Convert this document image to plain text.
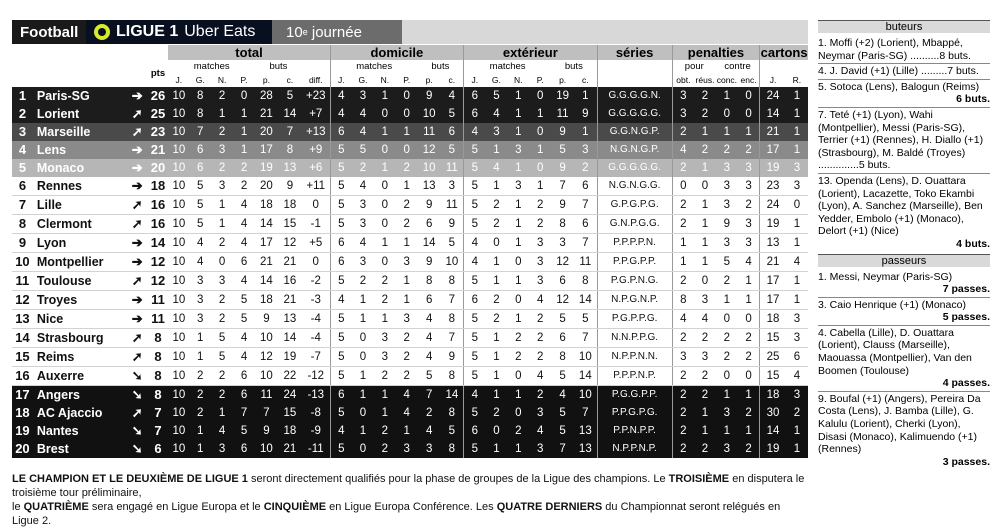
Football	LIGUE 1 Uber Eats 10 e
journée
				total							domicile						extérieur						séries	penalties				cartons	
			pts	matches				buts			matches				buts		matches				buts			pour		contre			
				J.	G.	N.	P.	p.	c.	diff.	J.	G.	N.	P.	p.	c.	J.	G.	N.	P.	p.	c.		obt.	réus.	conc.	enc.	J.	R.
1	Paris-SG	➔	26	10	8	2	0	28	5	+23	4	3	1	0	9	4	6	5	1	0	19	1	G.G.G.G.N.	3	2	1	0	24	1
2	Lorient	➚	25	10	8	1	1	21	14	+7	4	4	0	0	10	5	6	4	1	1	11	9	G.G.G.G.G.	3	2	0	0	14	1
3	Marseille	➚	23	10	7	2	1	20	7	+13	6	4	1	1	11	6	4	3	1	0	9	1	G.G.N.G.P.	2	1	1	1	21	1
4	Lens	➔	21	10	6	3	1	17	8	+9	5	5	0	0	12	5	5	1	3	1	5	3	N.G.N.G.P.	4	2	2	2	17	1
5	Monaco	➔	20	10	6	2	2	19	13	+6	5	2	1	2	10	11	5	4	1	0	9	2	G.G.G.G.G.	2	1	3	3	19	3
6	Rennes	➔	18	10	5	3	2	20	9	+11	5	4	0	1	13	3	5	1	3	1	7	6	N.G.N.G.G.	0	0	3	3	23	3
7	Lille	➚	16	10	5	1	4	18	18	0	5	3	0	2	9	11	5	2	1	2	9	7	G.P.G.P.G.	2	1	3	2	24	0
8	Clermont	➚	16	10	5	1	4	14	15	-1	5	3	0	2	6	9	5	2	1	2	8	6	G.N.P.G.G.	2	1	9	3	19	1
9	Lyon	➔	14	10	4	2	4	17	12	+5	6	4	1	1	14	5	4	0	1	3	3	7	P.P.P.P.N.	1	1	3	3	13	1
10	Montpellier	➔	12	10	4	0	6	21	21	0	6	3	0	3	9	10	4	1	0	3	12	11	P.P.G.P.P.	1	1	5	4	21	4
11	Toulouse	➚	12	10	3	3	4	14	16	-2	5	2	2	1	8	8	5	1	1	3	6	8	P.G.P.N.G.	2	0	2	1	17	1
12	Troyes	➔	11	10	3	2	5	18	21	-3	4	1	2	1	6	7	6	2	0	4	12	14	N.P.G.N.P.	8	3	1	1	17	1
13	Nice	➔	11	10	3	2	5	9	13	-4	5	1	1	3	4	8	5	2	1	2	5	5	P.G.P.P.G.	4	4	0	0	18	3
14	Strasbourg	➚	8	10	1	5	4	10	14	-4	5	0	3	2	4	7	5	1	2	2	6	7	N.N.P.P.G.	2	2	2	2	15	3
15	Reims	➚	8	10	1	5	4	12	19	-7	5	0	3	2	4	9	5	1	2	2	8	10	N.P.P.N.N.	3	3	2	2	25	6
16	Auxerre	➘	8	10	2	2	6	10	22	-12	5	1	2	2	5	8	5	1	0	4	5	14	P.P.P.N.P.	2	2	0	0	15	4
17	Angers	➘	8	10	2	2	6	11	24	-13	6	1	1	4	7	14	4	1	1	2	4	10	P.G.G.P.P.	2	2	1	1	18	3
18	AC Ajaccio	➚	7	10	2	1	7	7	15	-8	5	0	1	4	2	8	5	2	0	3	5	7	P.P.G.P.G.	2	1	3	2	30	2
19	Nantes	➘	7	10	1	4	5	9	18	-9	4	1	2	1	4	5	6	0	2	4	5	13	P.P.N.P.P.	2	1	1	1	14	1
20	Brest	➘	6	10	1	3	6	10	21	-11	5	0	2	3	3	8	5	1	1	3	7	13	N.P.P.N.P.	2	2	3	2	19	1
LE CHAMPION ET LE DEUXIÈME DE LIGUE 1 seront directement qualifiés pour la phase de groupes de la Ligue des champions. Le TROISIÈME en disputera le troisième tour préliminaire,
le QUATRIÈME sera engagé en Ligue Europa et le CINQUIÈME en Ligue Europa Conférence. Les QUATRE DERNIERS du Championnat seront relégués en Ligue 2.
buteurs

1. Moffi (+2) (Lorient), Mbappé, Neymar (Paris-SG) ..........8 buts.

4. J. David (+1) (Lille) .........7 buts.

5. Sotoca (Lens), Balogun (Reims)

6 buts.

7. Teté (+1) (Lyon), Wahi (Montpellier), Messi (Paris-SG), Terrier (+1) (Rennes), H. Diallo (+1) (Strasbourg), M. Baldé (Troyes) ..............5 buts.

13. Openda (Lens), D. Ouattara (Lorient), Lacazette, Toko Ekambi (Lyon), A. Sanchez (Marseille), Ben Yedder, Embolo (+1) (Monaco), Delort (+1) (Nice)

4 buts.

passeurs

1. Messi, Neymar (Paris-SG)

7 passes.

3. Caio Henrique (+1) (Monaco)

5 passes.

4. Cabella (Lille), D. Ouattara (Lorient), Clauss (Marseille), Maouassa (Montpellier), Van den Boomen (Toulouse)

4 passes.

9. Boufal (+1) (Angers), Pereira Da Costa (Lens), J. Bamba (Lille), G. Kalulu (Lorient), Cherki (Lyon), Disasi (Monaco), Kalimuendo (+1) (Rennes)

3 passes.
